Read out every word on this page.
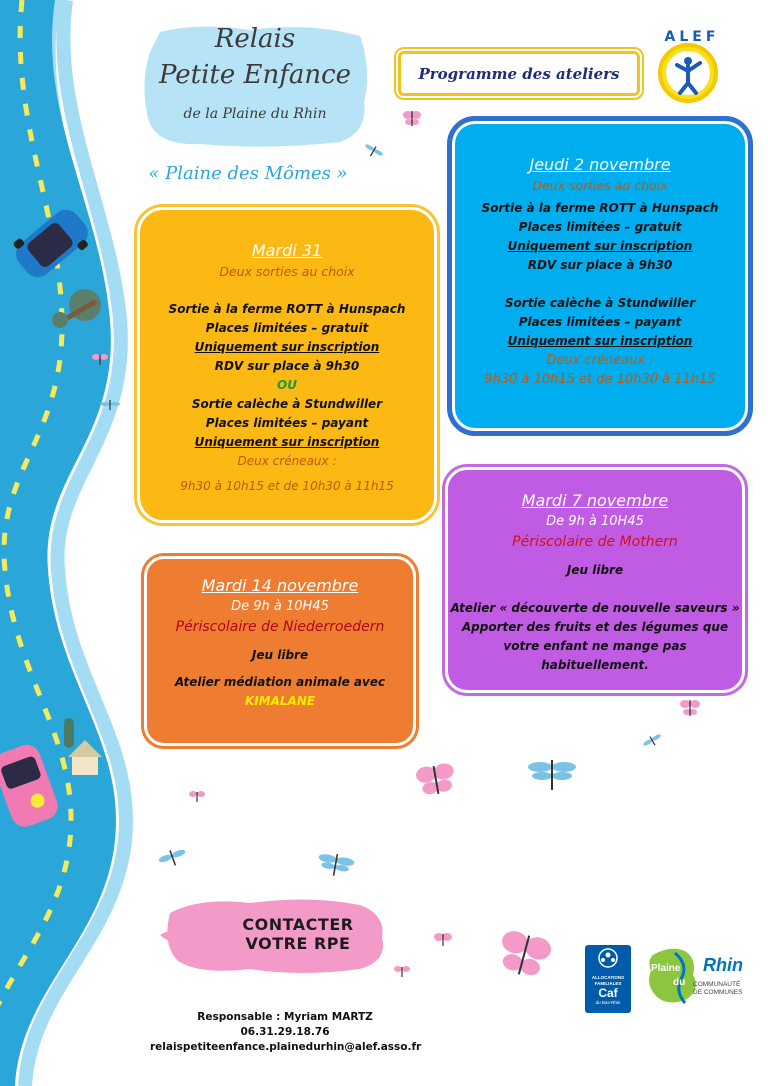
Relais
Petite Enfance
de la Plaine du Rhin
« Plaine des Mômes »
Programme des ateliers
ALEF
Mardi 31
Deux sorties au choix
Sortie à la ferme ROTT à Hunspach
Places limitées – gratuit
Uniquement sur inscription
RDV sur place à 9h30
OU
Sortie calèche à Stundwiller
Places limitées – payant
Uniquement sur inscription
Deux créneaux :
9h30 à 10h15 et de 10h30 à 11h15
Jeudi 2 novembre
Deux sorties au choix
Sortie à la ferme ROTT à Hunspach
Places limitées – gratuit
Uniquement sur inscription
RDV sur place à 9h30
Sortie calèche à Stundwiller
Places limitées – payant
Uniquement sur inscription
Deux créneaux :
9h30 à 10h15 et de 10h30 à 11h15
Mardi 7 novembre
De 9h à 10H45
Périscolaire de Mothern
Jeu libre
Atelier « découverte de nouvelle saveurs »
Apporter des fruits et des légumes que
votre enfant ne mange pas habituellement.
Mardi 14 novembre
De 9h à 10H45
Périscolaire de Niederroedern
Jeu libre
Atelier médiation animale avec
KIMALANE
CONTACTER
VOTRE RPE
Responsable : Myriam MARTZ
06.31.29.18.76
relaispetiteenfance.plainedurhin@alef.asso.fr
ALLOCATIONS
FAMILIALES
Caf
du Bas-Rhin
Plaine
du
Rhin
COMMUNAUTÉ
DE COMMUNES
